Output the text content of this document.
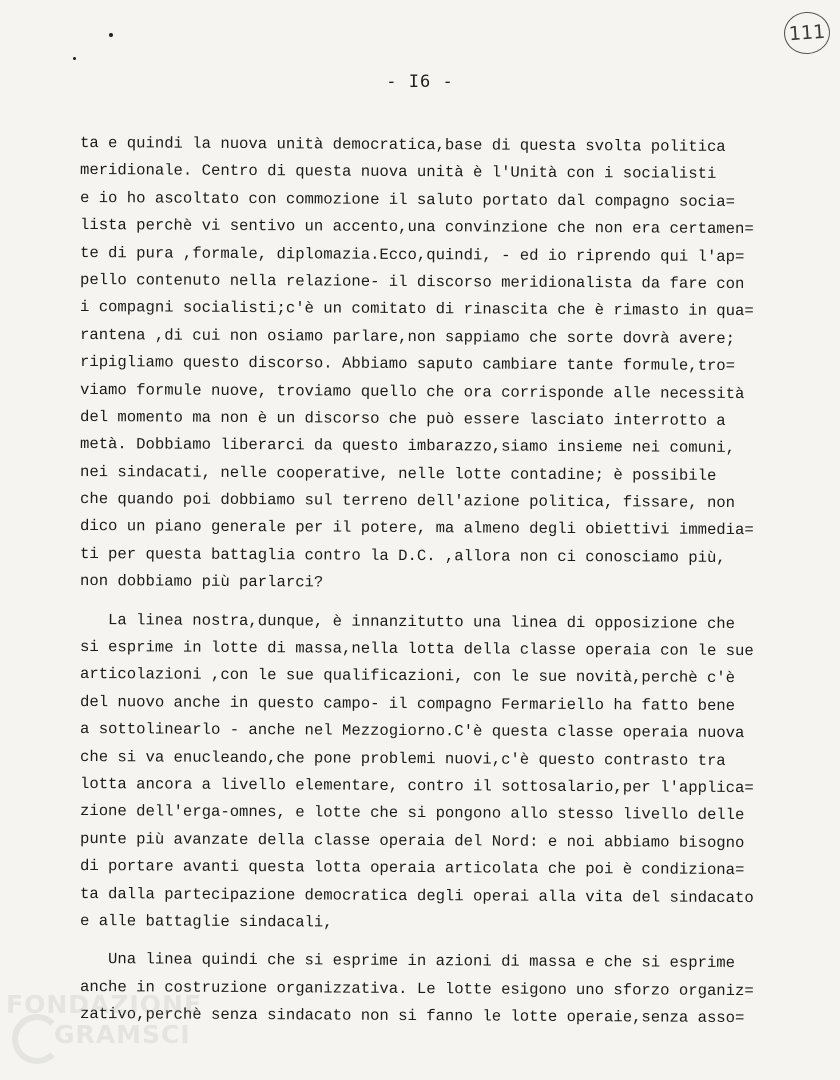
111
- I6 -
ta e quindi la nuova unità democratica,base di questa svolta politica
meridionale. Centro di questa nuova unità è l'Unità con i socialisti
e io ho ascoltato con commozione il saluto portato dal compagno socia=
lista perchè vi sentivo un accento,una convinzione che non era certamen=
te di pura ,formale, diplomazia.Ecco,quindi, - ed io riprendo qui l'ap=
pello contenuto nella relazione- il discorso meridionalista da fare con
i compagni socialisti;c'è un comitato di rinascita che è rimasto in qua=
rantena ,di cui non osiamo parlare,non sappiamo che sorte dovrà avere;
ripigliamo questo discorso. Abbiamo saputo cambiare tante formule,tro=
viamo formule nuove, troviamo quello che ora corrisponde alle necessità
del momento ma non è un discorso che può essere lasciato interrotto a
metà. Dobbiamo liberarci da questo imbarazzo,siamo insieme nei comuni,
nei sindacati, nelle cooperative, nelle lotte contadine; è possibile
che quando poi dobbiamo sul terreno dell'azione politica, fissare, non
dico un piano generale per il potere, ma almeno degli obiettivi immedia=
ti per questa battaglia contro la D.C. ,allora non ci conosciamo più,
non dobbiamo più parlarci?
La linea nostra,dunque, è innanzitutto una linea di opposizione che
si esprime in lotte di massa,nella lotta della classe operaia con le sue
articolazioni ,con le sue qualificazioni, con le sue novità,perchè c'è
del nuovo anche in questo campo- il compagno Fermariello ha fatto bene
a sottolinearlo - anche nel Mezzogiorno.C'è questa classe operaia nuova
che si va enucleando,che pone problemi nuovi,c'è questo contrasto tra
lotta ancora a livello elementare, contro il sottosalario,per l'applica=
zione dell'erga-omnes, e lotte che si pongono allo stesso livello delle
punte più avanzate della classe operaia del Nord: e noi abbiamo bisogno
di portare avanti questa lotta operaia articolata che poi è condiziona=
ta dalla partecipazione democratica degli operai alla vita del sindacato
e alle battaglie sindacali,
Una linea quindi che si esprime in azioni di massa e che si esprime
anche in costruzione organizzativa. Le lotte esigono uno sforzo organiz=
zativo,perchè senza sindacato non si fanno le lotte operaie,senza asso=
FONDAZIONE
GRAMSCI
